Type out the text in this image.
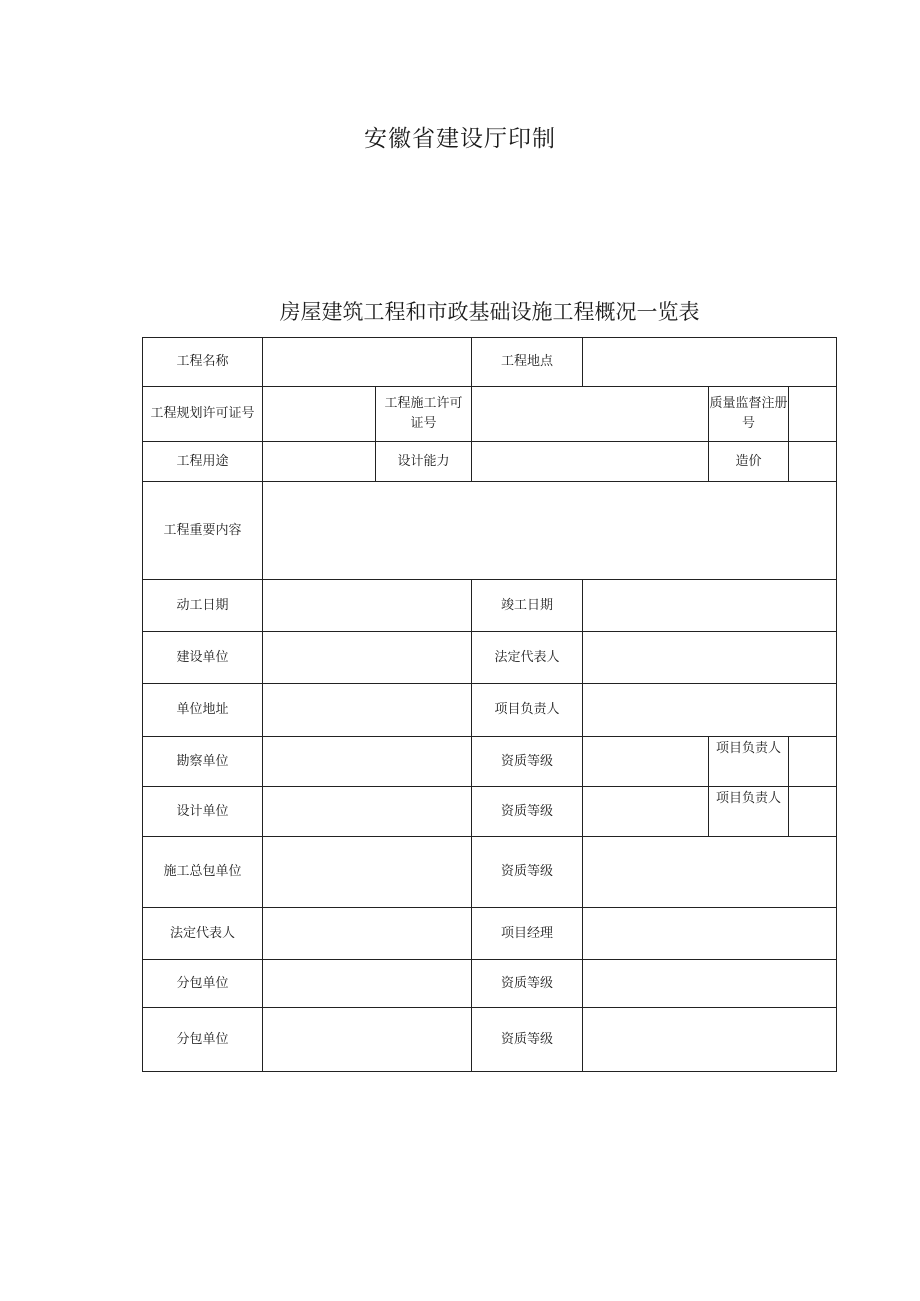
安徽省建设厅印制
房屋建筑工程和市政基础设施工程概况一览表
工程名称			工程地点			
工程规划许可证号		工程施工许可证号			质量监督注册号	
工程用途		设计能力			造价	
工程重要内容						
动工日期			竣工日期			
建设单位			法定代表人			
单位地址			项目负责人			
勘察单位			资质等级		项目负责人	
设计单位			资质等级		项目负责人	
施工总包单位			资质等级			
法定代表人			项目经理			
分包单位			资质等级			
分包单位			资质等级			
